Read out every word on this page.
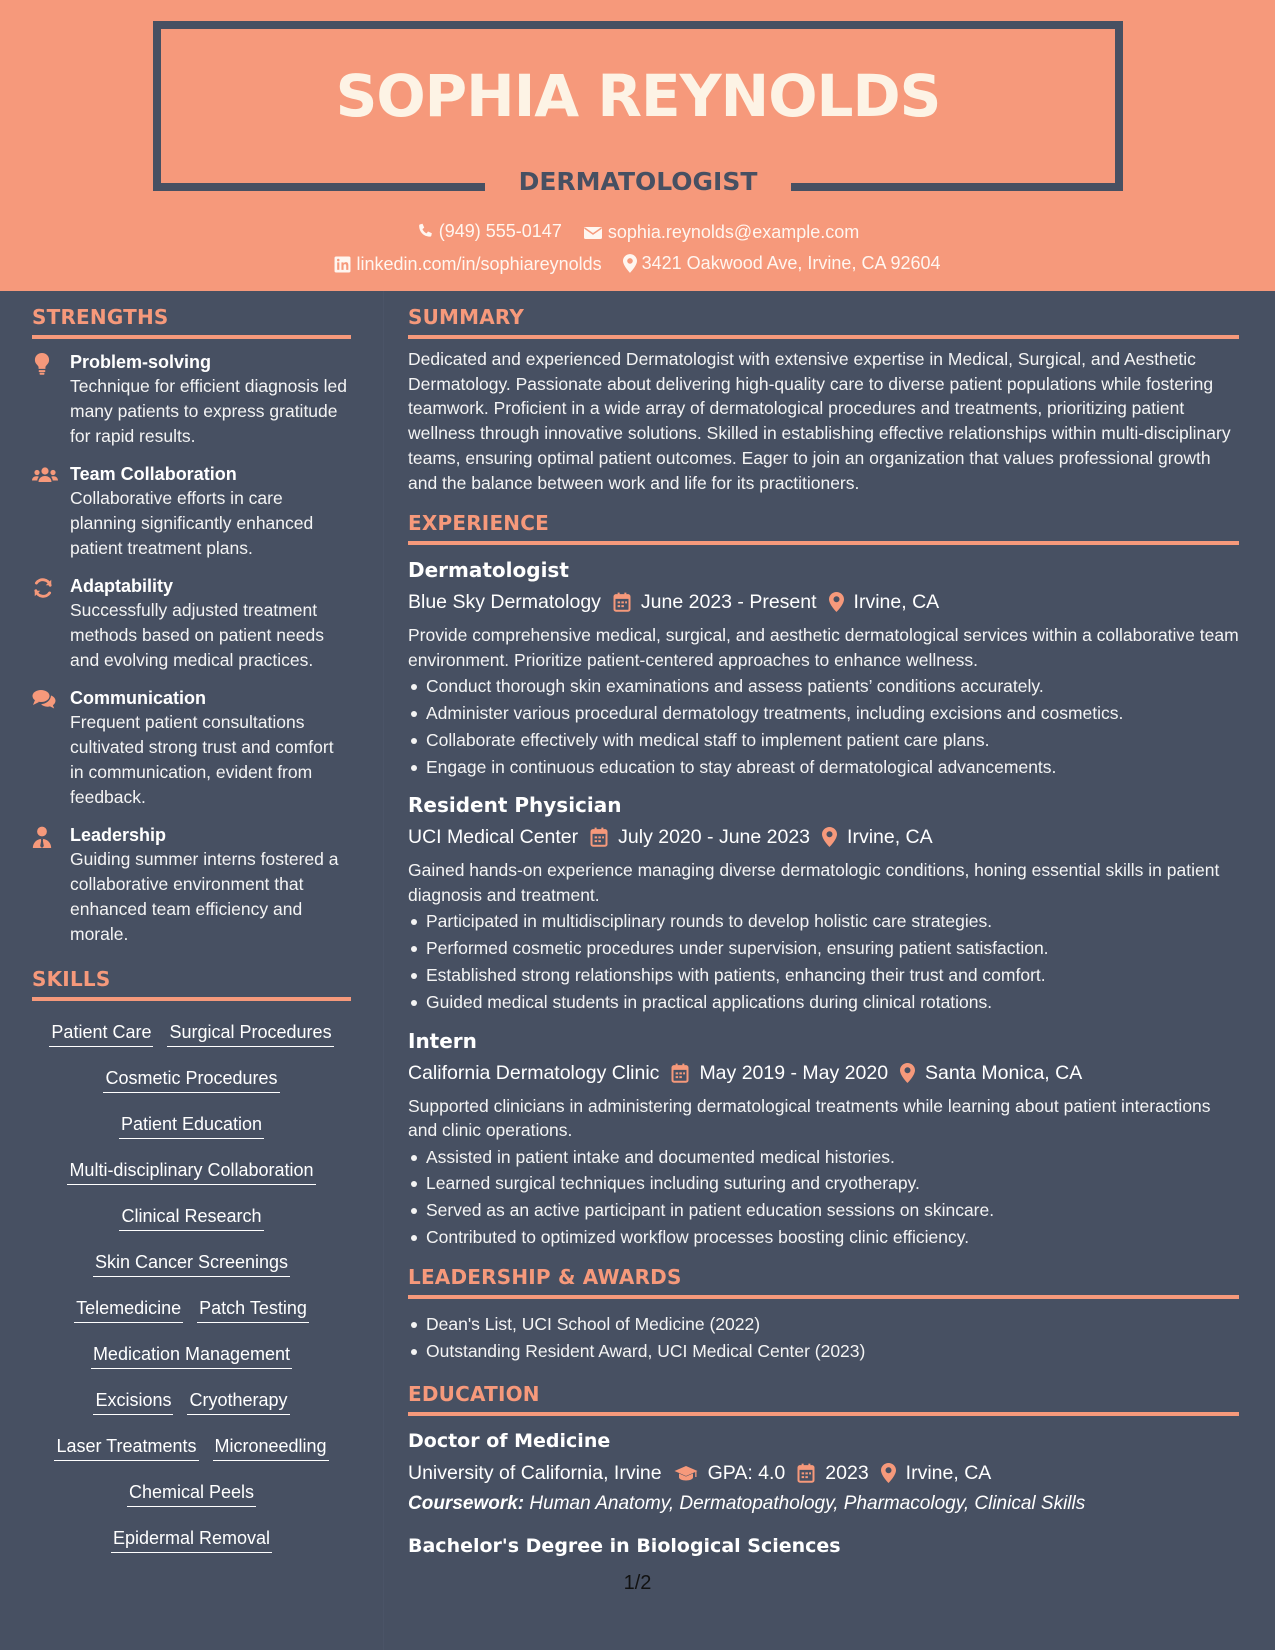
SOPHIA REYNOLDS
DERMATOLOGIST
(949) 555-0147
	sophia.reynolds@example.com
linkedin.com/in/sophiareynolds
3421 Oakwood Ave, Irvine, CA 92604
STRENGTHS
Problem-solving
Technique for efficient diagnosis led many patients to express gratitude for rapid results.
Team Collaboration
Collaborative efforts in care planning significantly enhanced patient treatment plans.
Adaptability
Successfully adjusted treatment methods based on patient needs and evolving medical practices.
Communication
Frequent patient consultations cultivated strong trust and comfort in communication, evident from feedback.
Leadership
Guiding summer interns fostered a collaborative environment that enhanced team efficiency and morale.
SKILLS
Patient Care Surgical Procedures
Cosmetic Procedures
Patient Education
Multi-disciplinary Collaboration
Clinical Research
Skin Cancer Screenings
Telemedicine Patch Testing
Medication Management
Excisions Cryotherapy
Laser Treatments Microneedling
Chemical Peels
Epidermal Removal
SUMMARY
Dedicated and experienced Dermatologist with extensive expertise in Medical, Surgical, and Aesthetic Dermatology. Passionate about delivering high-quality care to diverse patient populations while fostering teamwork. Proficient in a wide array of dermatological procedures and treatments, prioritizing patient wellness through innovative solutions. Skilled in establishing effective relationships within multi-disciplinary teams, ensuring optimal patient outcomes. Eager to join an organization that values professional growth and the balance between work and life for its practitioners.
EXPERIENCE
Dermatologist
Blue Sky Dermatology June 2023 - Present Irvine, CA
Provide comprehensive medical, surgical, and aesthetic dermatological services within a collaborative team environment. Prioritize patient-centered approaches to enhance wellness.
Conduct thorough skin examinations and assess patients’ conditions accurately.
Administer various procedural dermatology treatments, including excisions and cosmetics.
Collaborate effectively with medical staff to implement patient care plans.
Engage in continuous education to stay abreast of dermatological advancements.
Resident Physician
UCI Medical Center July 2020 - June 2023 Irvine, CA
Gained hands-on experience managing diverse dermatologic conditions, honing essential skills in patient diagnosis and treatment.
Participated in multidisciplinary rounds to develop holistic care strategies.
Performed cosmetic procedures under supervision, ensuring patient satisfaction.
Established strong relationships with patients, enhancing their trust and comfort.
Guided medical students in practical applications during clinical rotations.
Intern
California Dermatology Clinic May 2019 - May 2020 Santa Monica, CA
Supported clinicians in administering dermatological treatments while learning about patient interactions and clinic operations.
Assisted in patient intake and documented medical histories.
Learned surgical techniques including suturing and cryotherapy.
Served as an active participant in patient education sessions on skincare.
Contributed to optimized workflow processes boosting clinic efficiency.
LEADERSHIP & AWARDS
Dean's List, UCI School of Medicine (2022)
Outstanding Resident Award, UCI Medical Center (2023)
EDUCATION
Doctor of Medicine
University of California, Irvine GPA: 4.0 2023 Irvine, CA
Coursework: Human Anatomy, Dermatopathology, Pharmacology, Clinical Skills
Bachelor's Degree in Biological Sciences
1/2
